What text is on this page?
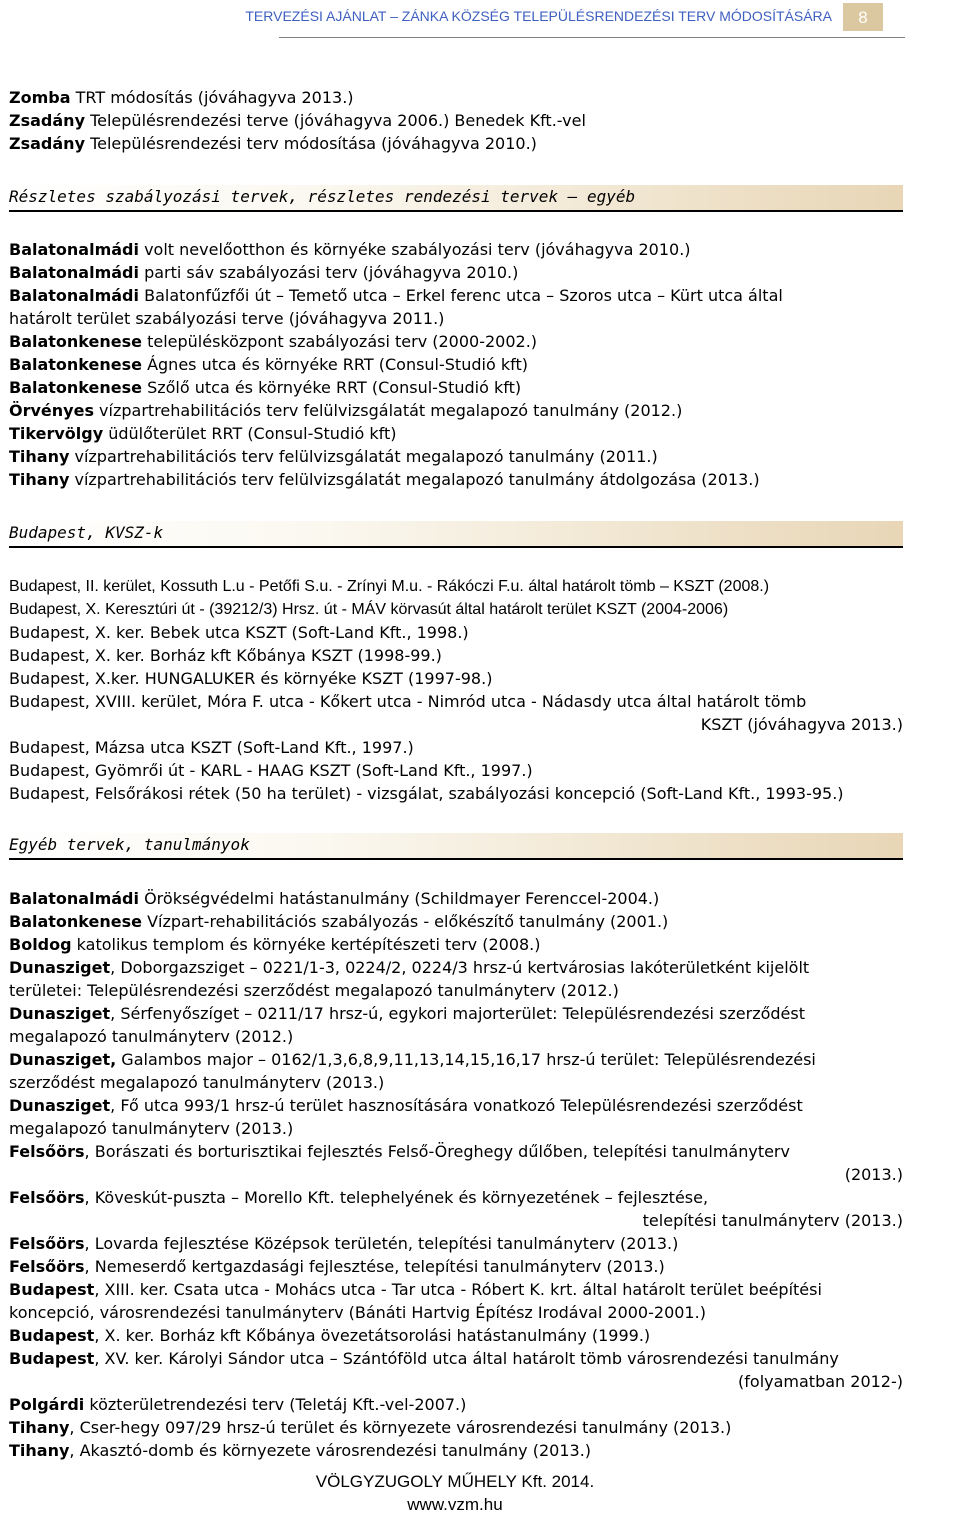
TERVEZÉSI AJÁNLAT – ZÁNKA KÖZSÉG TELEPÜLÉSRENDEZÉSI TERV MÓDOSÍTÁSÁRA	8
Zomba TRT módosítás (jóváhagyva 2013.)
Zsadány Településrendezési terve (jóváhagyva 2006.) Benedek Kft.-vel
Zsadány Településrendezési terv módosítása (jóváhagyva 2010.)
Részletes szabályozási tervek, részletes rendezési tervek – egyéb
Balatonalmádi volt nevelőotthon és környéke szabályozási terv (jóváhagyva 2010.)
Balatonalmádi parti sáv szabályozási terv (jóváhagyva 2010.)
Balatonalmádi Balatonfűzfői út – Temető utca – Erkel ferenc utca – Szoros utca – Kürt utca által
határolt terület szabályozási terve (jóváhagyva 2011.)
Balatonkenese településközpont szabályozási terv (2000-2002.)
Balatonkenese Ágnes utca és környéke RRT (Consul-Studió kft)
Balatonkenese Szőlő utca és környéke RRT (Consul-Studió kft)
Örvényes vízpartrehabilitációs terv felülvizsgálatát megalapozó tanulmány (2012.)
Tikervölgy üdülőterület RRT (Consul-Studió kft)
Tihany vízpartrehabilitációs terv felülvizsgálatát megalapozó tanulmány (2011.)
Tihany vízpartrehabilitációs terv felülvizsgálatát megalapozó tanulmány átdolgozása (2013.)
Budapest, KVSZ-k
Budapest, II. kerület, Kossuth L.u - Petőfi S.u. - Zrínyi M.u. - Rákóczi F.u. által határolt tömb – KSZT (2008.)
Budapest, X. Keresztúri út - (39212/3) Hrsz. út - MÁV körvasút által határolt terület KSZT (2004-2006)
Budapest, X. ker. Bebek utca KSZT (Soft-Land Kft., 1998.)
Budapest, X. ker. Borház kft Kőbánya KSZT (1998-99.)
Budapest, X.ker. HUNGALUKER és környéke KSZT (1997-98.)
Budapest, XVIII. kerület, Móra F. utca - Kőkert utca - Nimród utca - Nádasdy utca által határolt tömb
KSZT (jóváhagyva 2013.)
Budapest, Mázsa utca KSZT (Soft-Land Kft., 1997.)
Budapest, Gyömrői út - KARL - HAAG KSZT (Soft-Land Kft., 1997.)
Budapest, Felsőrákosi rétek (50 ha terület) - vizsgálat, szabályozási koncepció (Soft-Land Kft., 1993-95.)
Egyéb tervek, tanulmányok
Balatonalmádi Örökségvédelmi hatástanulmány (Schildmayer Ferenccel-2004.)
Balatonkenese Vízpart-rehabilitációs szabályozás - előkészítő tanulmány (2001.)
Boldog katolikus templom és környéke kertépítészeti terv (2008.)
Dunasziget, Doborgazsziget – 0221/1-3, 0224/2, 0224/3 hrsz-ú kertvárosias lakóterületként kijelölt
területei: Településrendezési szerződést megalapozó tanulmányterv (2012.)
Dunasziget, Sérfenyőszíget – 0211/17 hrsz-ú, egykori majorterület: Településrendezési szerződést
megalapozó tanulmányterv (2012.)
Dunasziget, Galambos major – 0162/1,3,6,8,9,11,13,14,15,16,17 hrsz-ú terület: Településrendezési
szerződést megalapozó tanulmányterv (2013.)
Dunasziget, Fő utca 993/1 hrsz-ú terület hasznosítására vonatkozó Településrendezési szerződést
megalapozó tanulmányterv (2013.)
Felsőörs, Borászati és borturisztikai fejlesztés Felső-Öreghegy dűlőben, telepítési tanulmányterv
(2013.)
Felsőörs, Köveskút-puszta – Morello Kft. telephelyének és környezetének – fejlesztése,
telepítési tanulmányterv (2013.)
Felsőörs, Lovarda fejlesztése Középsok területén, telepítési tanulmányterv (2013.)
Felsőörs, Nemeserdő kertgazdasági fejlesztése, telepítési tanulmányterv (2013.)
Budapest, XIII. ker. Csata utca - Mohács utca - Tar utca - Róbert K. krt. által határolt terület beépítési
koncepció, városrendezési tanulmányterv (Bánáti Hartvig Építész Irodával 2000-2001.)
Budapest, X. ker. Borház kft Kőbánya övezetátsorolási hatástanulmány (1999.)
Budapest, XV. ker. Károlyi Sándor utca – Szántóföld utca által határolt tömb városrendezési tanulmány
(folyamatban 2012-)
Polgárdi közterületrendezési terv (Teletáj Kft.-vel-2007.)
Tihany, Cser-hegy 097/29 hrsz-ú terület és környezete városrendezési tanulmány (2013.)
Tihany, Akasztó-domb és környezete városrendezési tanulmány (2013.)
VÖLGYZUGOLY MŰHELY Kft. 2014.
www.vzm.hu
